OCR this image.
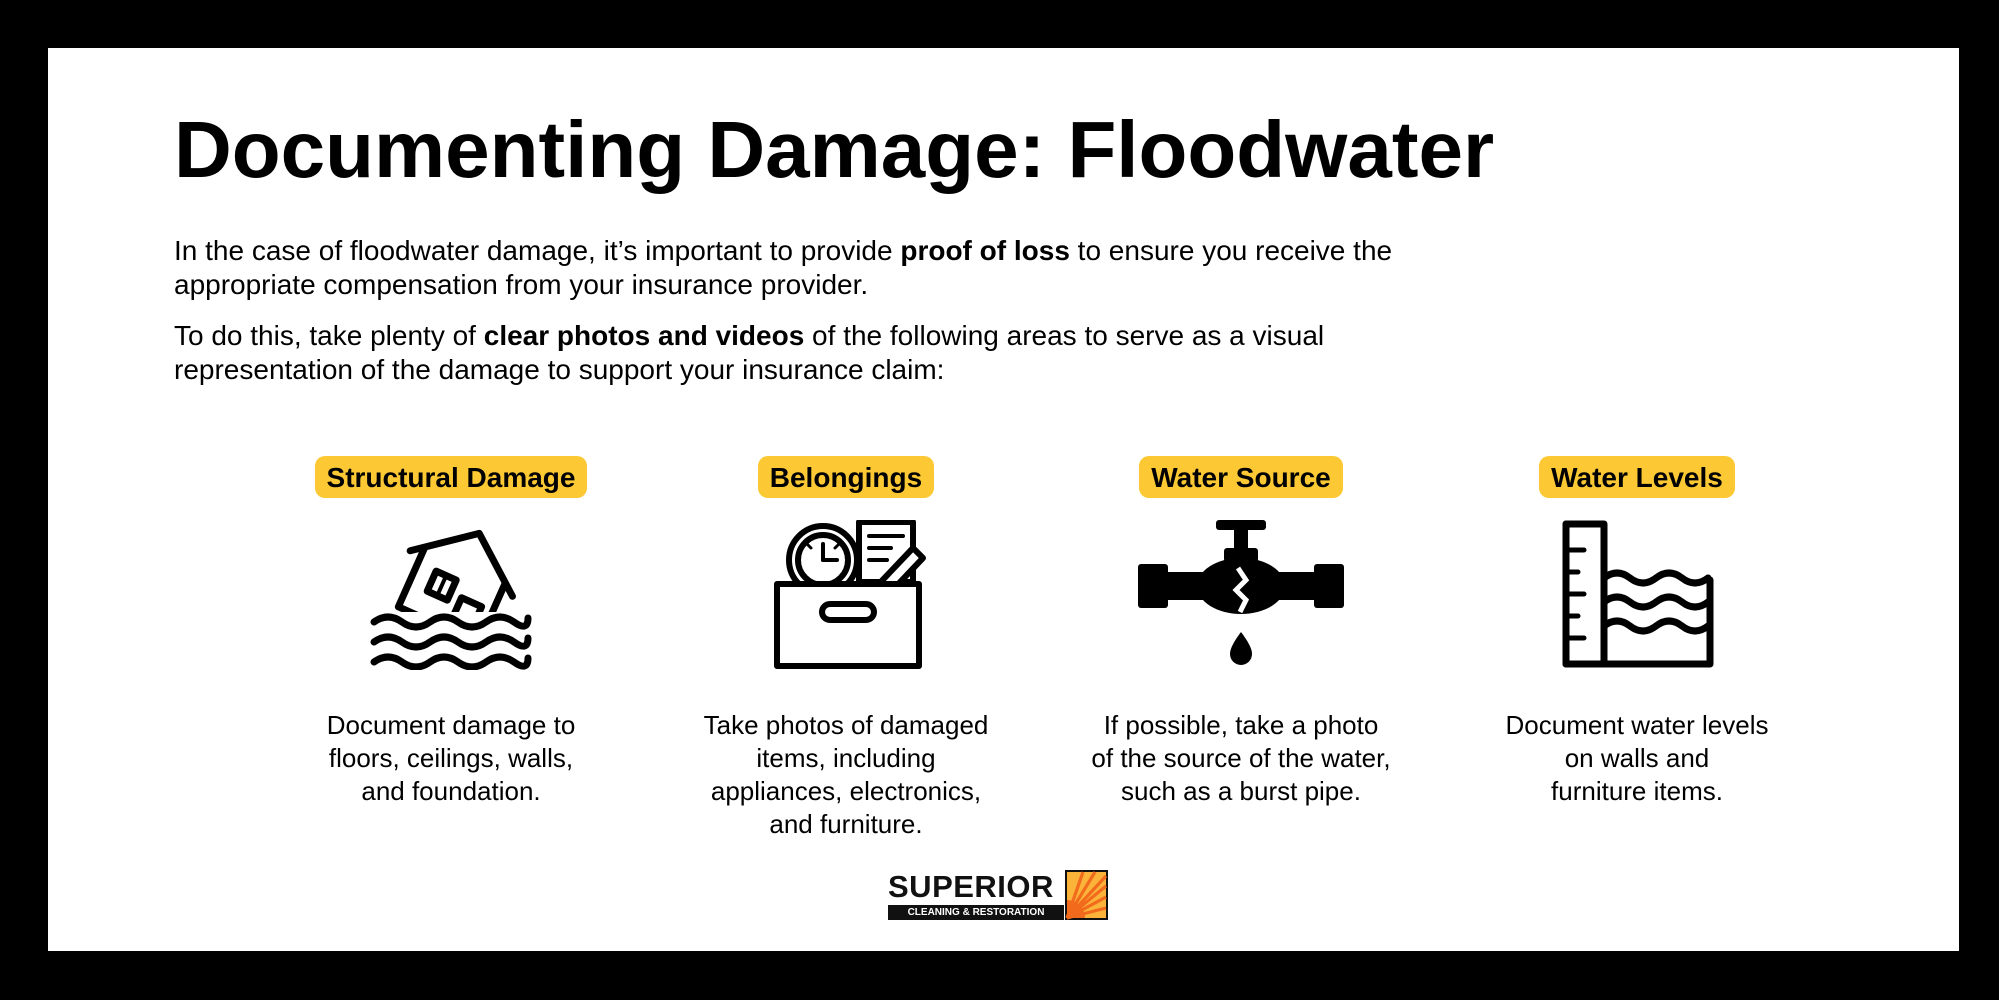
Documenting Damage: Floodwater

In the case of floodwater damage, it’s important to provide proof of loss to ensure you receive the appropriate compensation from your insurance provider.

To do this, take plenty of clear photos and videos of the following areas to serve as a visual representation of the damage to support your insurance claim:

Structural Damage
Document damage to
floors, ceilings, walls,
and foundation.
Belongings
Take photos of damaged
items, including
appliances, electronics,
and furniture.
Water Source
If possible, take a photo
of the source of the water,
such as a burst pipe.
Water Levels
Document water levels
on walls and
furniture items.
SUPERIOR
CLEANING & RESTORATION
